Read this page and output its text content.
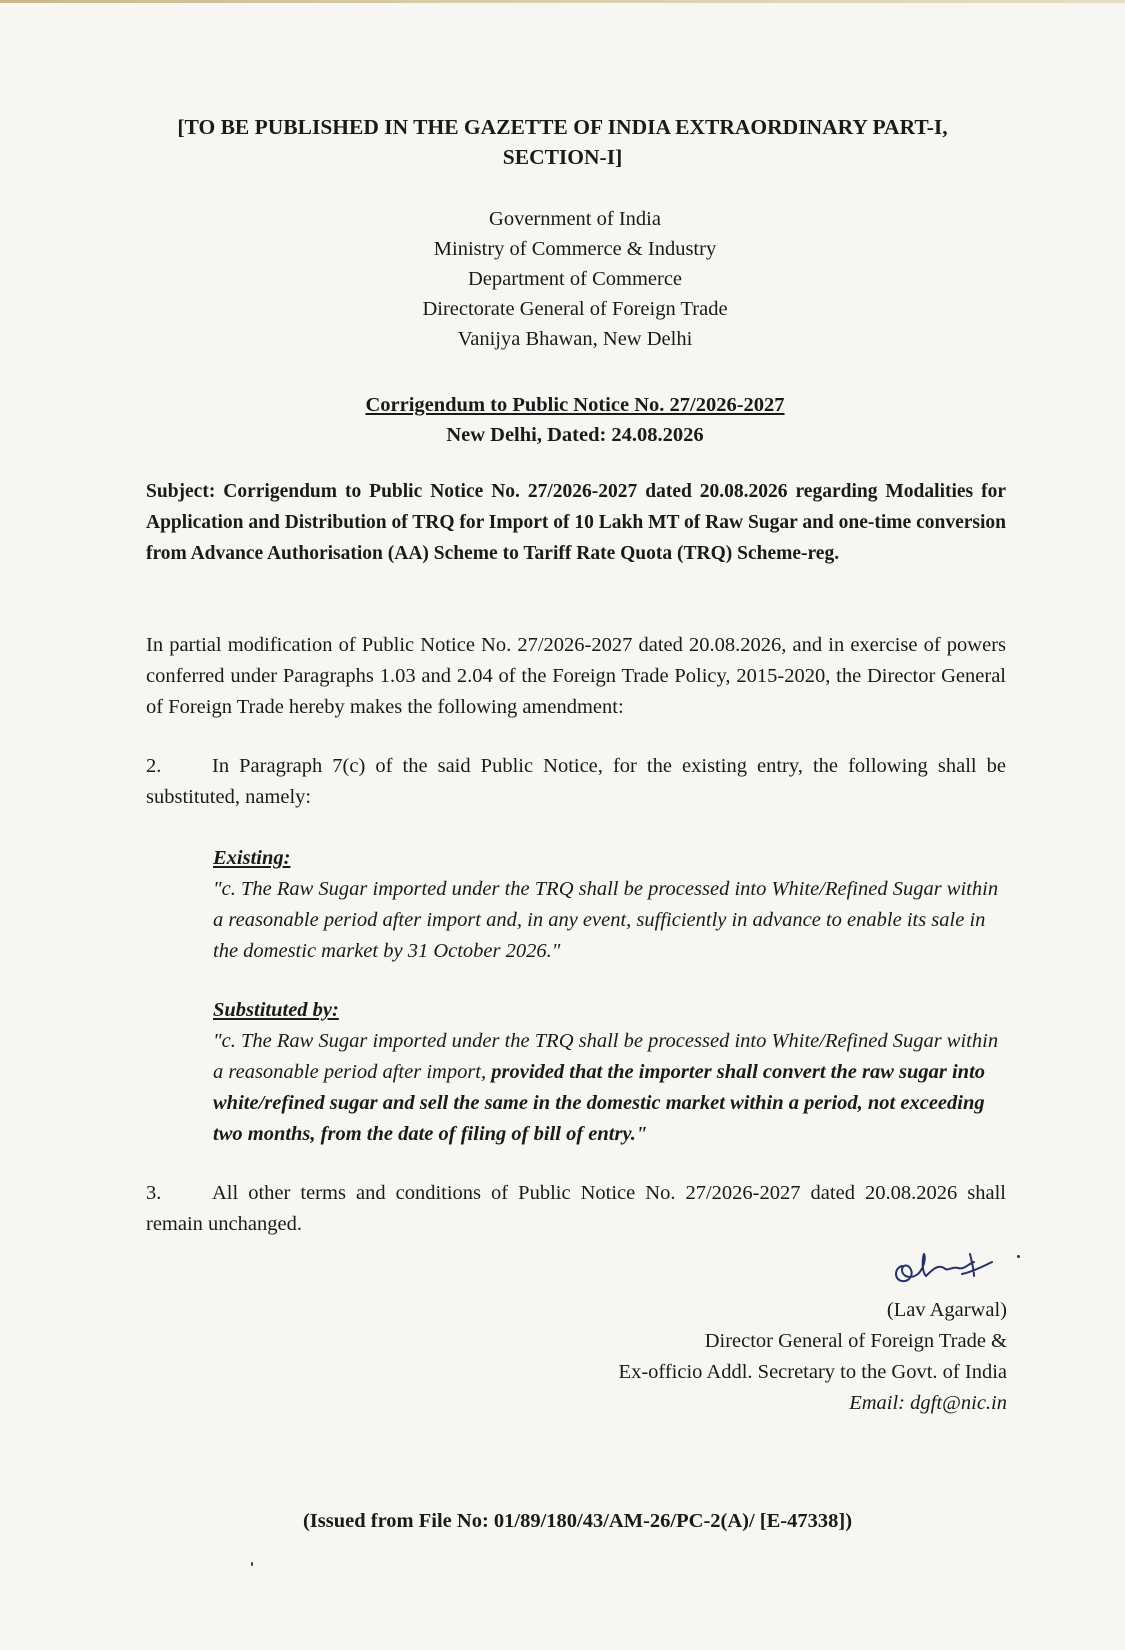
[TO BE PUBLISHED IN THE GAZETTE OF INDIA EXTRAORDINARY PART-I,
SECTION-I]
Government of India
Ministry of Commerce & Industry
Department of Commerce
Directorate General of Foreign Trade
Vanijya Bhawan, New Delhi
Corrigendum to Public Notice No. 27/2026-2027
New Delhi, Dated: 24.08.2026
Subject: Corrigendum to Public Notice No. 27/2026-2027 dated 20.08.2026 regarding Modalities for Application and Distribution of TRQ for Import of 10 Lakh MT of Raw Sugar and one-time conversion from Advance Authorisation (AA) Scheme to Tariff Rate Quota (TRQ) Scheme-reg.
In partial modification of Public Notice No. 27/2026-2027 dated 20.08.2026, and in exercise of powers conferred under Paragraphs 1.03 and 2.04 of the Foreign Trade Policy, 2015-2020, the Director General of Foreign Trade hereby makes the following amendment:
2. In Paragraph 7(c) of the said Public Notice, for the existing entry, the following shall be substituted, namely:
Existing:
"c. The Raw Sugar imported under the TRQ shall be processed into White/Refined Sugar within a reasonable period after import and, in any event, sufficiently in advance to enable its sale in the domestic market by 31 October 2026."
Substituted by:
"c. The Raw Sugar imported under the TRQ shall be processed into White/Refined Sugar within a reasonable period after import, provided that the importer shall convert the raw sugar into white/refined sugar and sell the same in the domestic market within a period, not exceeding two months, from the date of filing of bill of entry."
3. All other terms and conditions of Public Notice No. 27/2026-2027 dated 20.08.2026 shall remain unchanged.
(Lav Agarwal)
Director General of Foreign Trade &
Ex-officio Addl. Secretary to the Govt. of India
Email: dgft@nic.in
(Issued from File No: 01/89/180/43/AM-26/PC-2(A)/ [E-47338])
